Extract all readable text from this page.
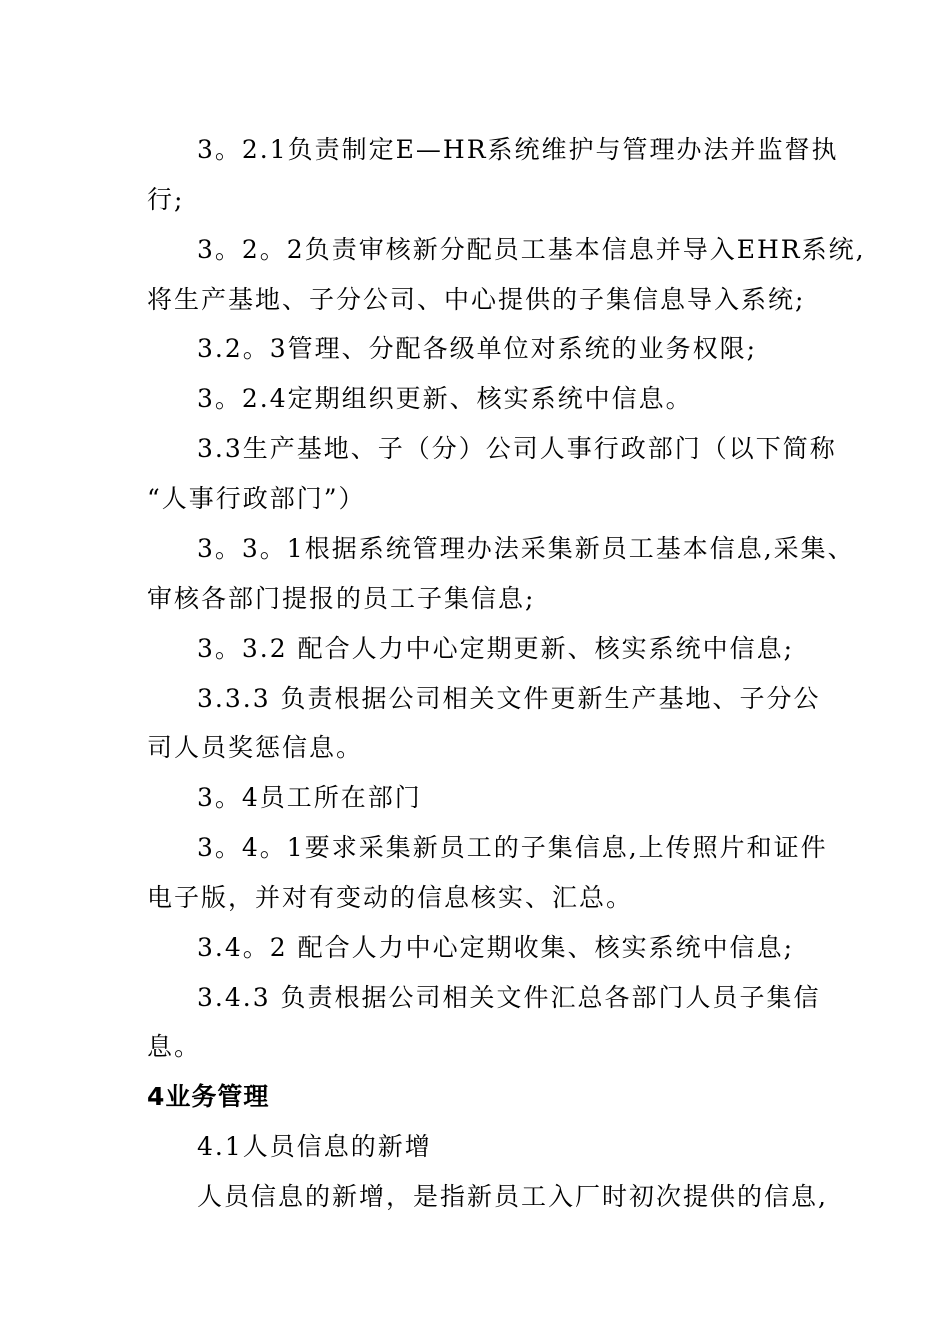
3。2.1负责制定E—HR系统维护与管理办法并监督执
行;
3。2。2负责审核新分配员工基本信息并导入EHR系统,
将生产基地、子分公司、中心提供的子集信息导入系统;
3.2。3管理、分配各级单位对系统的业务权限;
3。2.4定期组织更新、核实系统中信息。
3.3生产基地、子（分）公司人事行政部门（以下简称
“人事行政部门”）
3。3。1根据系统管理办法采集新员工基本信息,采集、
审核各部门提报的员工子集信息;
3。3.2 配合人力中心定期更新、核实系统中信息;
3.3.3 负责根据公司相关文件更新生产基地、子分公
司人员奖惩信息。
3。4员工所在部门
3。4。1要求采集新员工的子集信息,上传照片和证件
电子版，并对有变动的信息核实、汇总。
3.4。2 配合人力中心定期收集、核实系统中信息;
3.4.3 负责根据公司相关文件汇总各部门人员子集信
息。
4业务管理
4.1人员信息的新增
人员信息的新增，是指新员工入厂时初次提供的信息,
